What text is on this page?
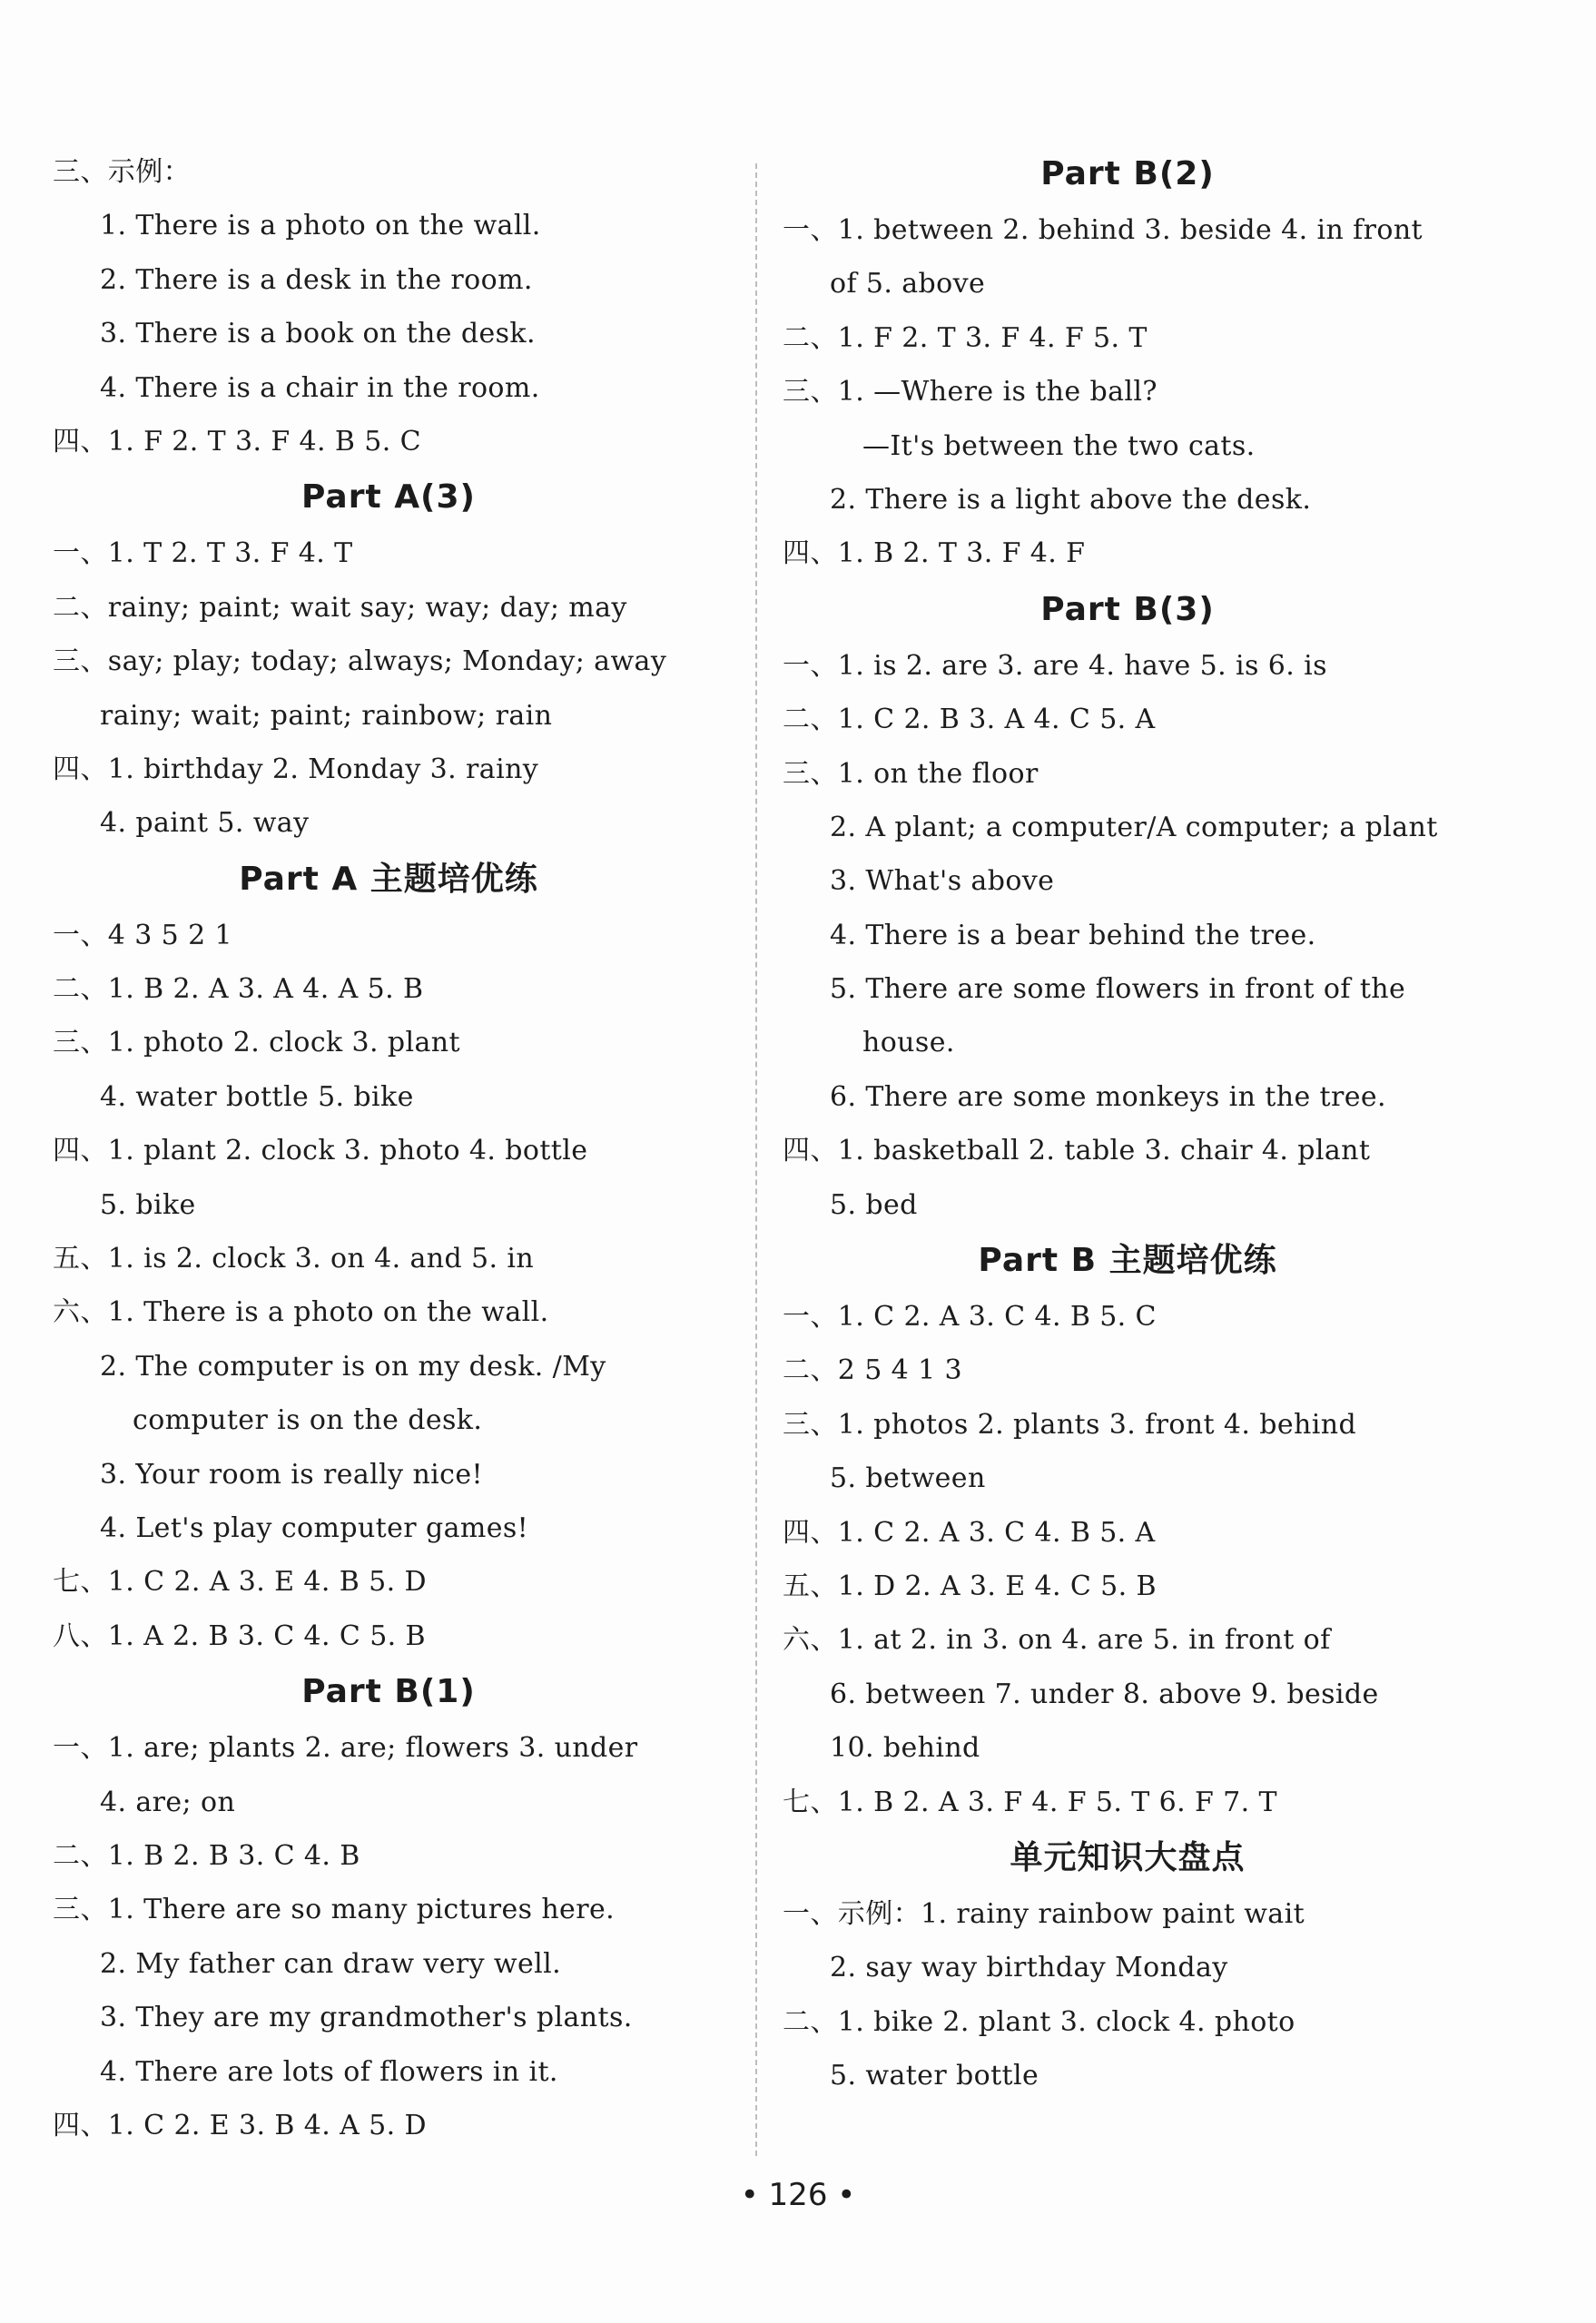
三、示例：
1. There is a photo on the wall.
2. There is a desk in the room.
3. There is a book on the desk.
4. There is a chair in the room.
四、1. F 2. T 3. F 4. B 5. C
Part A(3)
一、1. T 2. T 3. F 4. T
二、rainy; paint; wait say; way; day; may
三、say; play; today; always; Monday; away
rainy; wait; paint; rainbow; rain
四、1. birthday 2. Monday 3. rainy
4. paint 5. way
Part A 主题培优练
一、4 3 5 2 1
二、1. B 2. A 3. A 4. A 5. B
三、1. photo 2. clock 3. plant
4. water bottle 5. bike
四、1. plant 2. clock 3. photo 4. bottle
5. bike
五、1. is 2. clock 3. on 4. and 5. in
六、1. There is a photo on the wall.
2. The computer is on my desk. /My
computer is on the desk.
3. Your room is really nice!
4. Let's play computer games!
七、1. C 2. A 3. E 4. B 5. D
八、1. A 2. B 3. C 4. C 5. B
Part B(1)
一、1. are; plants 2. are; flowers 3. under
4. are; on
二、1. B 2. B 3. C 4. B
三、1. There are so many pictures here.
2. My father can draw very well.
3. They are my grandmother's plants.
4. There are lots of flowers in it.
四、1. C 2. E 3. B 4. A 5. D
Part B(2)
一、1. between 2. behind 3. beside 4. in front
of 5. above
二、1. F 2. T 3. F 4. F 5. T
三、1. —Where is the ball?
—It's between the two cats.
2. There is a light above the desk.
四、1. B 2. T 3. F 4. F
Part B(3)
一、1. is 2. are 3. are 4. have 5. is 6. is
二、1. C 2. B 3. A 4. C 5. A
三、1. on the floor
2. A plant; a computer/A computer; a plant
3. What's above
4. There is a bear behind the tree.
5. There are some flowers in front of the
house.
6. There are some monkeys in the tree.
四、1. basketball 2. table 3. chair 4. plant
5. bed
Part B 主题培优练
一、1. C 2. A 3. C 4. B 5. C
二、2 5 4 1 3
三、1. photos 2. plants 3. front 4. behind
5. between
四、1. C 2. A 3. C 4. B 5. A
五、1. D 2. A 3. E 4. C 5. B
六、1. at 2. in 3. on 4. are 5. in front of
6. between 7. under 8. above 9. beside
10. behind
七、1. B 2. A 3. F 4. F 5. T 6. F 7. T
单元知识大盘点
一、示例：1. rainy rainbow paint wait
2. say way birthday Monday
二、1. bike 2. plant 3. clock 4. photo
5. water bottle
• 126 •
